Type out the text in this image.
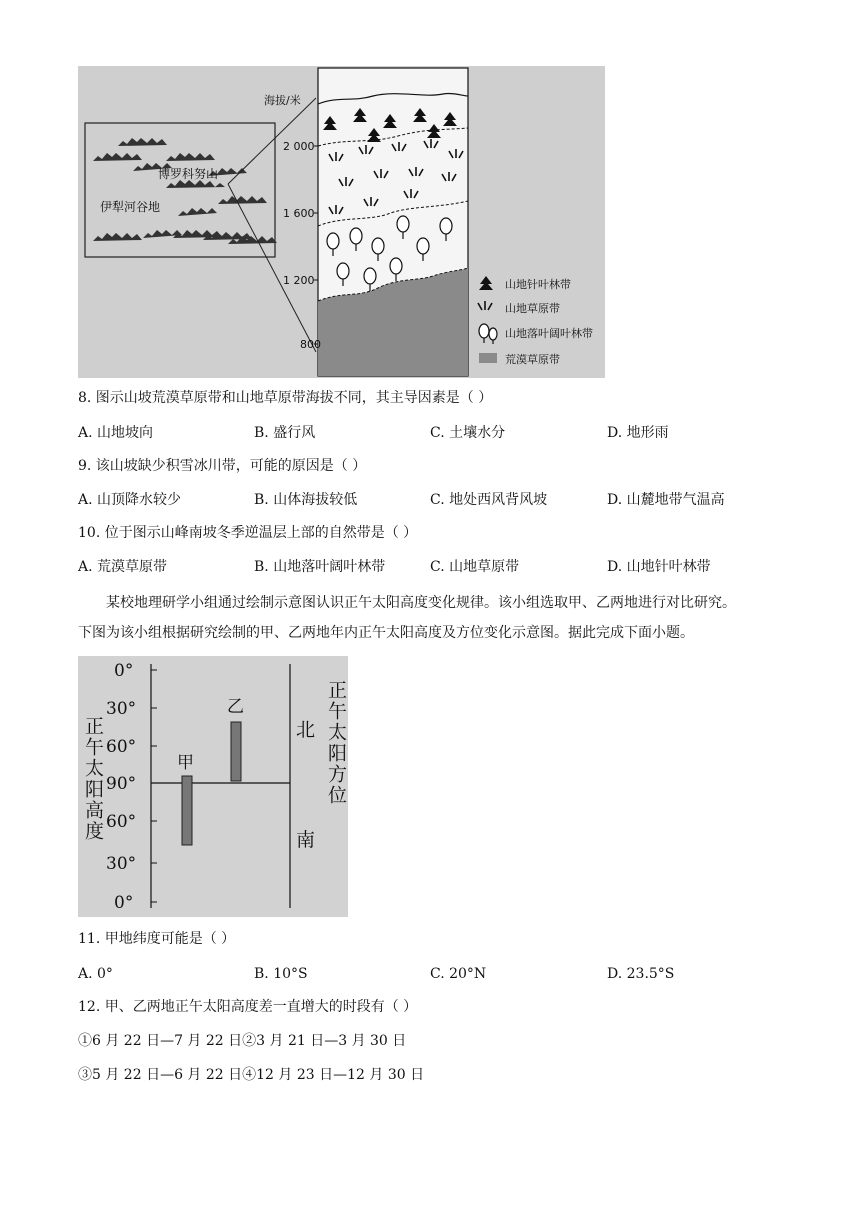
博罗科努山
伊犁河谷地
海拔/米
2 000
1 600
1 200
800
山地针叶林带
山地草原带
山地落叶阔叶林带
荒漠草原带
8. 图示山坡荒漠草原带和山地草原带海拔不同，其主导因素是（ ）
A. 山地坡向	B. 盛行风	C. 土壤水分	D. 地形雨
9. 该山坡缺少积雪冰川带，可能的原因是（ ）
A. 山顶降水较少	B. 山体海拔较低	C. 地处西风背风坡	D. 山麓地带气温高
10. 位于图示山峰南坡冬季逆温层上部的自然带是（ ）
A. 荒漠草原带	B. 山地落叶阔叶林带	C. 山地草原带	D. 山地针叶林带

某校地理研学小组通过绘制示意图认识正午太阳高度变化规律。该小组选取甲、乙两地进行对比研究。

下图为该小组根据研究绘制的甲、乙两地年内正午太阳高度及方位变化示意图。据此完成下面小题。

0°
30°
60°
90°
60°
30°
0°
正午太阳高度	正午太阳方位
北
南
甲
乙
11. 甲地纬度可能是（ ）
A. 0°	B. 10°S	C. 20°N	D. 23.5°S
12. 甲、乙两地正午太阳高度差一直增大的时段有（ ）
①6 月 22 日—7 月 22 日②3 月 21 日—3 月 30 日
③5 月 22 日—6 月 22 日④12 月 23 日—12 月 30 日
